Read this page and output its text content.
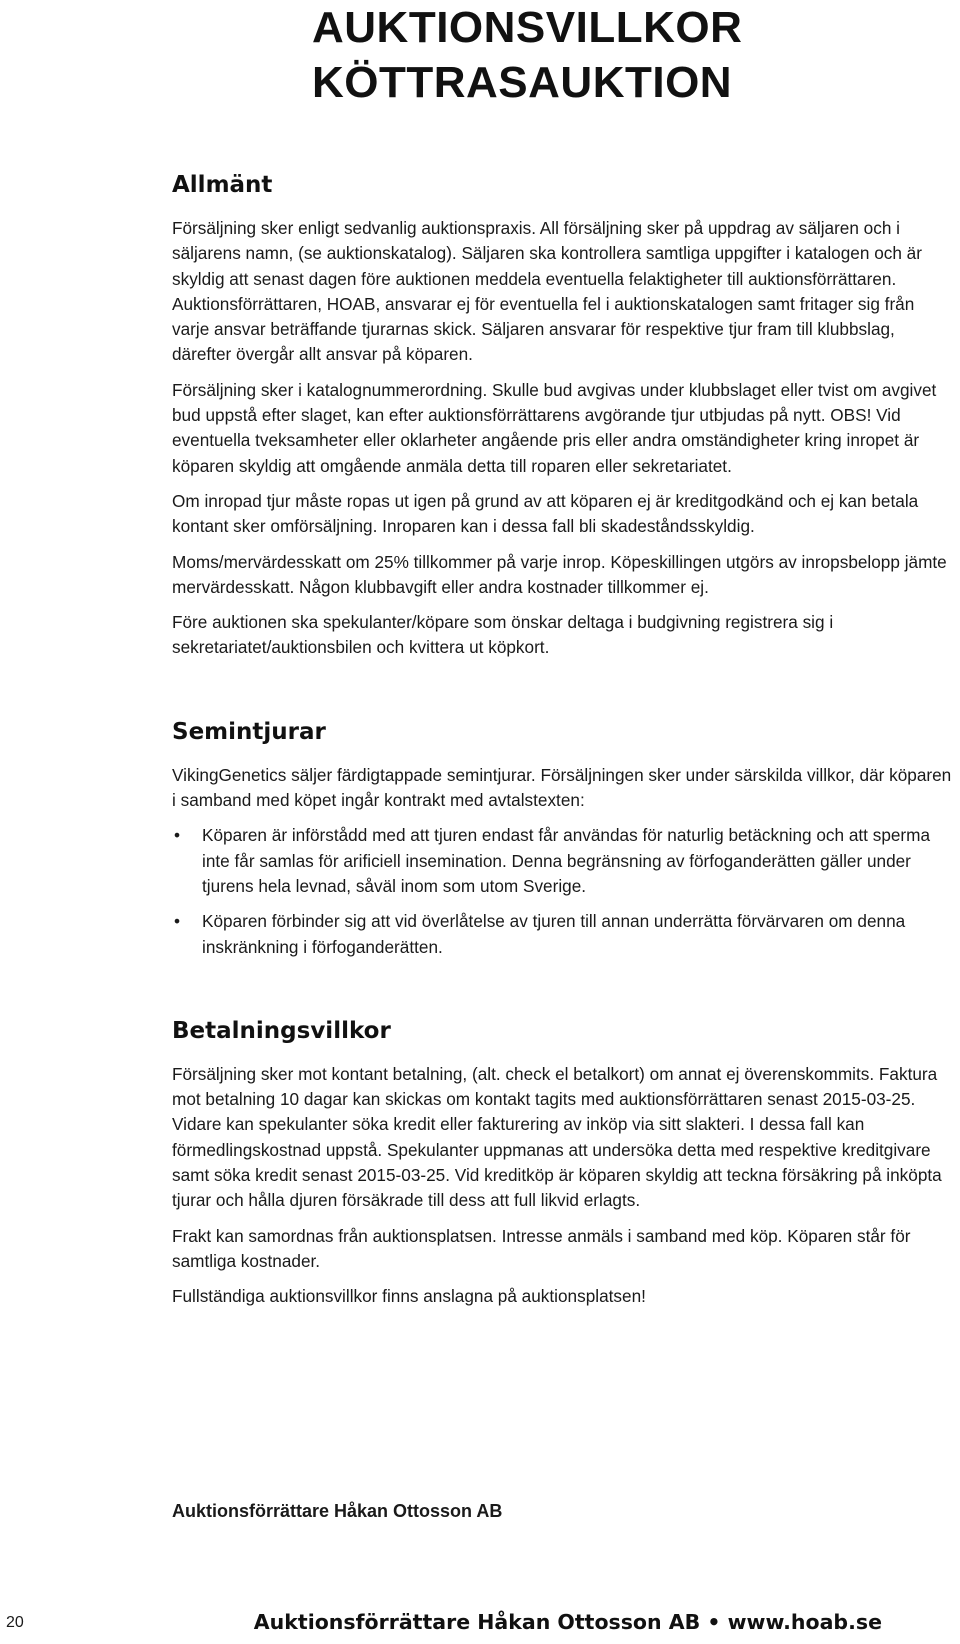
AUKTIONSVILLKOR
KÖTTRASAUKTION
Allmänt

Försäljning sker enligt sedvanlig auktionspraxis. All försäljning sker på uppdrag av säljaren och i säljarens namn, (se auktionskatalog). Säljaren ska kontrollera samtliga uppgifter i katalogen och är skyldig att senast dagen före auktionen meddela eventuella felaktigheter till auktionsförrättaren. Auktionsförrättaren, HOAB, ansvarar ej för eventuella fel i auktionskatalogen samt fritager sig från varje ansvar beträffande tjurarnas skick. Säljaren ansvarar för respektive tjur fram till klubbslag, därefter övergår allt ansvar på köparen.

Försäljning sker i katalognummerordning. Skulle bud avgivas under klubbslaget eller tvist om avgivet bud uppstå efter slaget, kan efter auktionsförrättarens avgörande tjur utbjudas på nytt. OBS! Vid eventuella tveksamheter eller oklarheter angående pris eller andra omständigheter kring inropet är köparen skyldig att omgående anmäla detta till roparen eller sekretariatet.

Om inropad tjur måste ropas ut igen på grund av att köparen ej är kreditgodkänd och ej kan betala kontant sker omförsäljning. Inroparen kan i dessa fall bli skadeståndsskyldig.

Moms/mervärdesskatt om 25% tillkommer på varje inrop. Köpeskillingen utgörs av inropsbelopp jämte mervärdesskatt. Någon klubbavgift eller andra kostnader tillkommer ej.

Före auktionen ska spekulanter/köpare som önskar deltaga i budgivning registrera sig i sekretariatet/auktionsbilen och kvittera ut köpkort.

Semintjurar

VikingGenetics säljer färdigtappade semintjurar. Försäljningen sker under särskilda villkor, där köparen i samband med köpet ingår kontrakt med avtalstexten:

• Köparen är införstådd med att tjuren endast får användas för naturlig betäckning och att sperma inte får samlas för arificiell insemination. Denna begränsning av förfoganderätten gäller under tjurens hela levnad, såväl inom som utom Sverige.
• Köparen förbinder sig att vid överlåtelse av tjuren till annan underrätta förvärvaren om denna inskränkning i förfoganderätten.
Betalningsvillkor

Försäljning sker mot kontant betalning, (alt. check el betalkort) om annat ej överenskommits. Faktura mot betalning 10 dagar kan skickas om kontakt tagits med auktionsförrättaren senast 2015-03-25. Vidare kan spekulanter söka kredit eller fakturering av inköp via sitt slakteri. I dessa fall kan förmedlingskostnad uppstå. Spekulanter uppmanas att undersöka detta med respektive kreditgivare samt söka kredit senast 2015-03-25. Vid kreditköp är köparen skyldig att teckna försäkring på inköpta tjurar och hålla djuren försäkrade till dess att full likvid erlagts.

Frakt kan samordnas från auktionsplatsen. Intresse anmäls i samband med köp. Köparen står för samtliga kostnader.

Fullständiga auktionsvillkor finns anslagna på auktionsplatsen!

Auktionsförrättare Håkan Ottosson AB

20	Auktionsförrättare Håkan Ottosson AB • www.hoab.se
